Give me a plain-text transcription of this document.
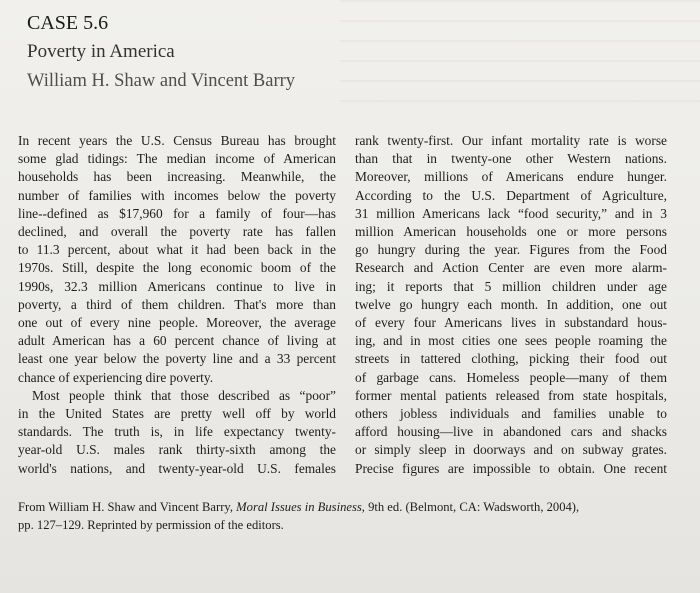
CASE 5.6
Poverty in America
William H. Shaw and Vincent Barry
In recent years the U.S. Census Bureau has brought
some glad tidings: The median income of American
households has been increasing. Meanwhile, the
number of families with incomes below the poverty
line--defined as $17,960 for a family of four—has
declined, and overall the poverty rate has fallen
to 11.3 percent, about what it had been back in the
1970s. Still, despite the long economic boom of the
1990s, 32.3 million Americans continue to live in
poverty, a third of them children. That's more than
one out of every nine people. Moreover, the average
adult American has a 60 percent chance of living at
least one year below the poverty line and a 33 percent
chance of experiencing dire poverty.
Most people think that those described as “poor”
in the United States are pretty well off by world
standards. The truth is, in life expectancy twenty-
year-old U.S. males rank thirty-sixth among the
world's nations, and twenty-year-old U.S. females
rank twenty-first. Our infant mortality rate is worse
than that in twenty-one other Western nations.
Moreover, millions of Americans endure hunger.
According to the U.S. Department of Agriculture,
31 million Americans lack “food security,” and in 3
million American households one or more persons
go hungry during the year. Figures from the Food
Research and Action Center are even more alarm-
ing; it reports that 5 million children under age
twelve go hungry each month. In addition, one out
of every four Americans lives in substandard hous-
ing, and in most cities one sees people roaming the
streets in tattered clothing, picking their food out
of garbage cans. Homeless people—many of them
former mental patients released from state hospitals,
others jobless individuals and families unable to
afford housing—live in abandoned cars and shacks
or simply sleep in doorways and on subway grates.
Precise figures are impossible to obtain. One recent
From William H. Shaw and Vincent Barry, Moral Issues in Business, 9th ed. (Belmont, CA: Wadsworth, 2004),
pp. 127–129. Reprinted by permission of the editors.
